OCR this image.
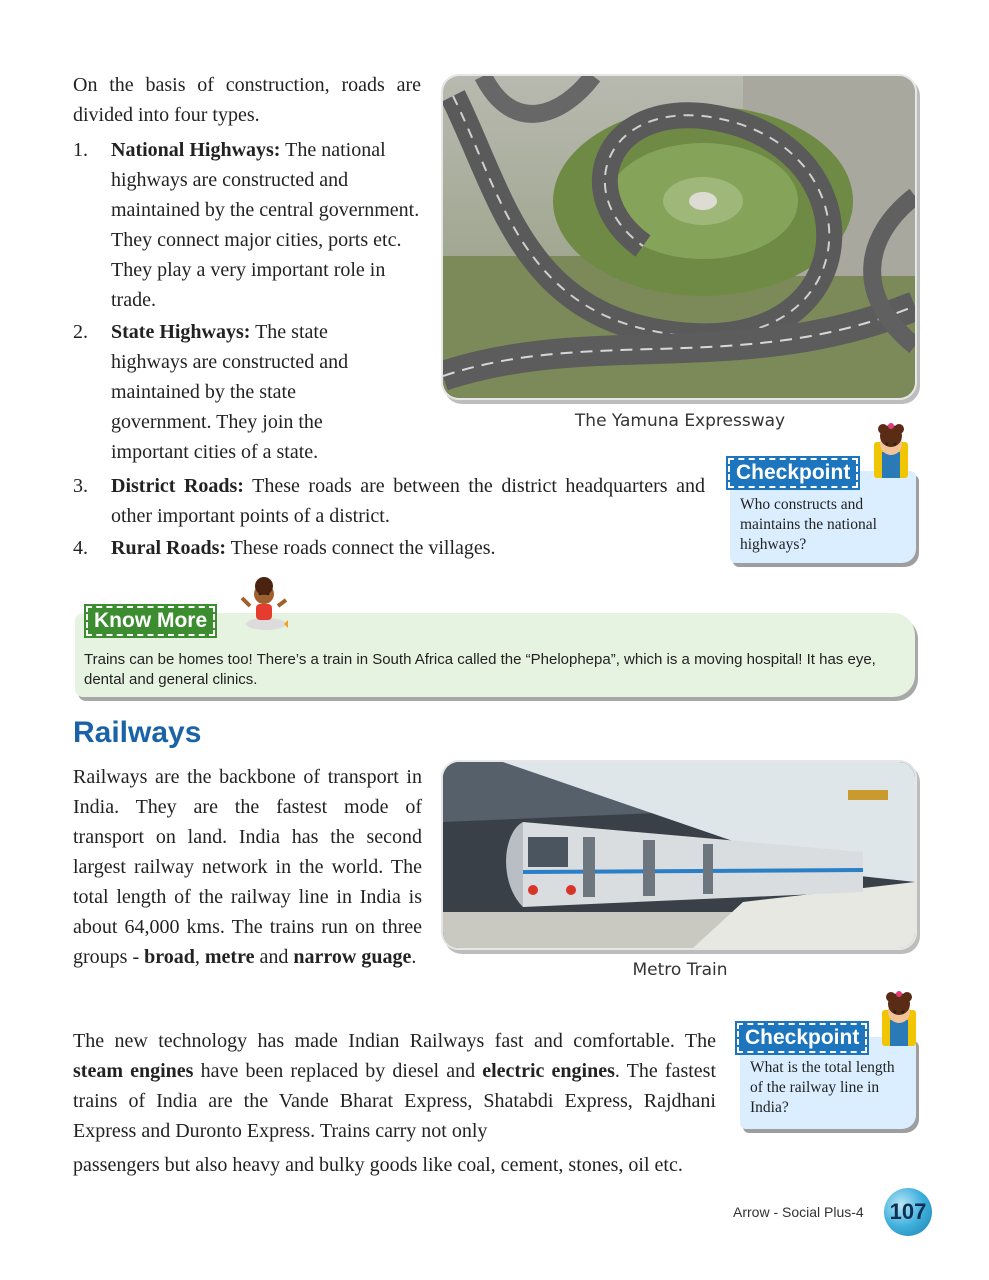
On the basis of construction, roads are divided into four types.
1. National Highways: The national highways are constructed and maintained by the central government. They connect major cities, ports etc. They play a very important role in trade.
2. State Highways: The state highways are constructed and maintained by the state government. They join the important cities of a state.
3. District Roads: These roads are between the district headquarters and other important points of a district.
4. Rural Roads: These roads connect the villages.
The Yamuna Expressway
Checkpoint
Who constructs and maintains the national highways?
Know More
Trains can be homes too! There’s a train in South Africa called the “Phelophepa”, which is a moving hospital! It has eye, dental and general clinics.
Railways
Railways are the backbone of transport in India. They are the fastest mode of transport on land. India has the second largest railway network in the world. The total length of the railway line in India is about 64,000 kms. The trains run on three groups - broad, metre and narrow guage.
Metro Train
The new technology has made Indian Railways fast and comfortable. The steam engines have been replaced by diesel and electric engines. The fastest trains of India are the Vande Bharat Express, Shatabdi Express, Rajdhani Express and Duronto Express. Trains carry not only
passengers but also heavy and bulky goods like coal, cement, stones, oil etc.
Checkpoint
What is the total length of the railway line in India?
Arrow - Social Plus-4 107
